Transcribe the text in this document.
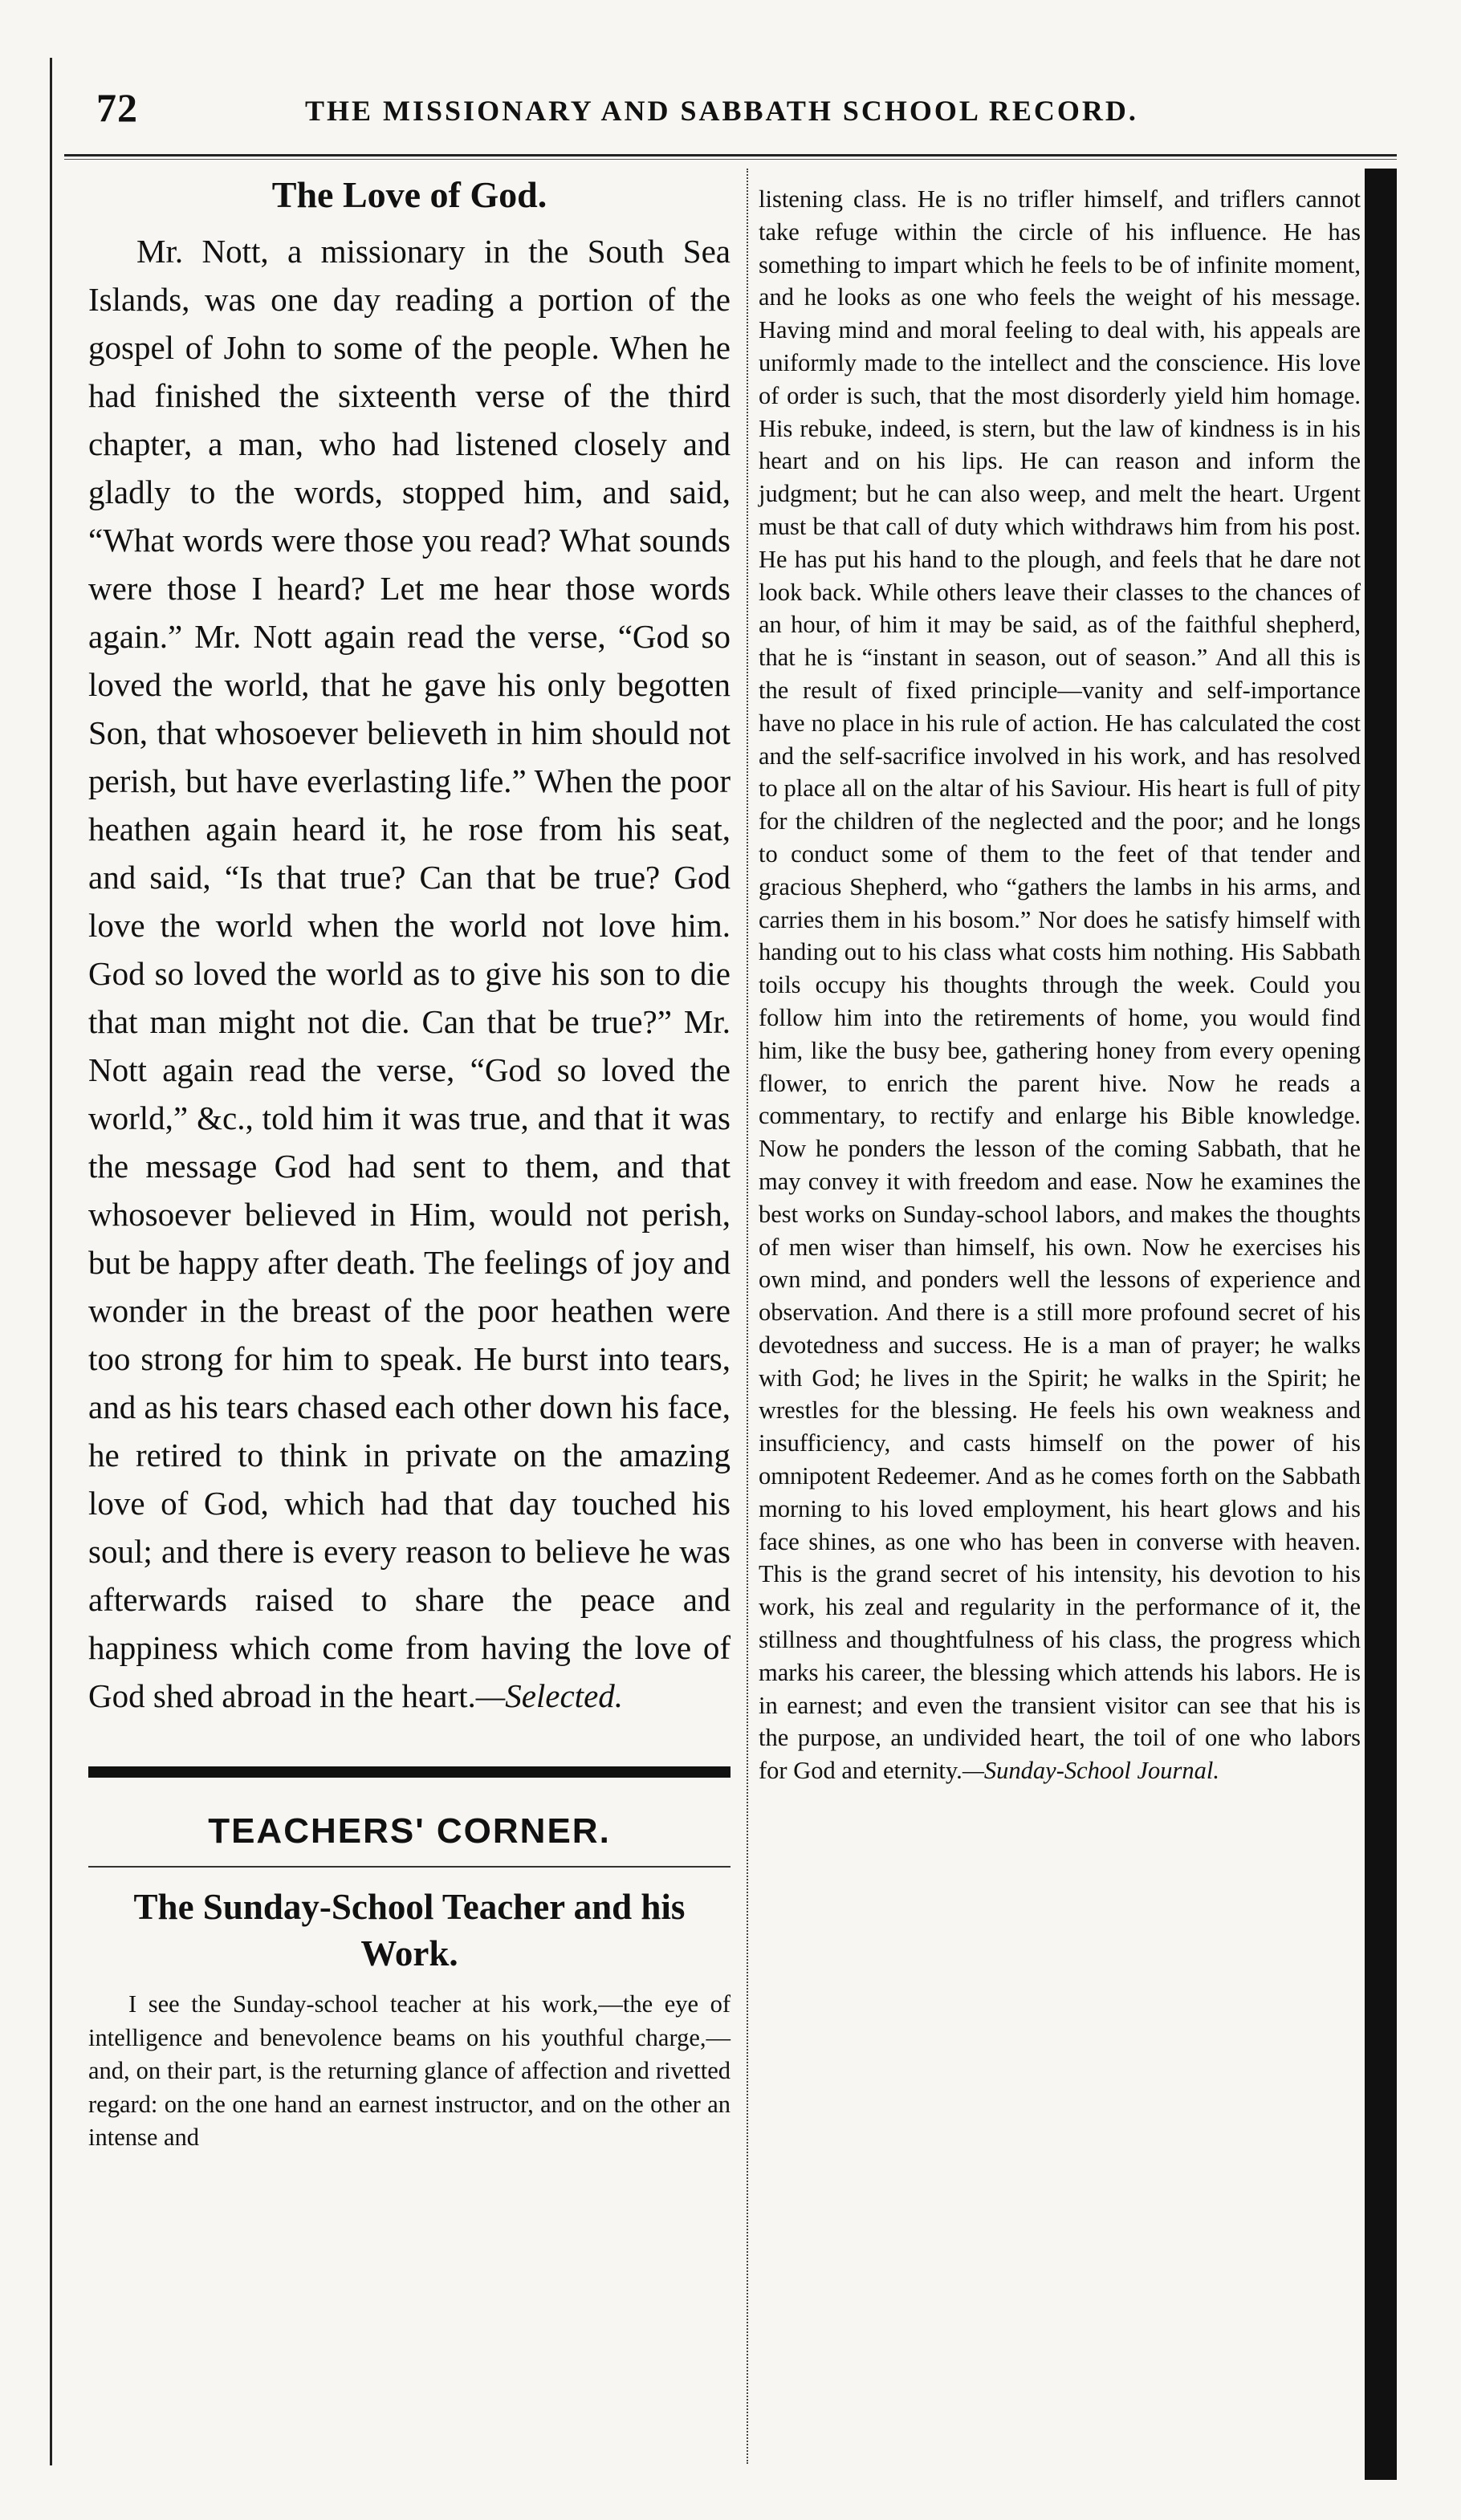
72	THE MISSIONARY AND SABBATH SCHOOL RECORD.
The Love of God.

Mr. Nott, a missionary in the South Sea Islands, was one day reading a portion of the gospel of John to some of the people. When he had finished the sixteenth verse of the third chapter, a man, who had listened closely and gladly to the words, stopped him, and said, “What words were those you read? What sounds were those I heard? Let me hear those words again.” Mr. Nott again read the verse, “God so loved the world, that he gave his only begotten Son, that whosoever believeth in him should not perish, but have everlasting life.” When the poor heathen again heard it, he rose from his seat, and said, “Is that true? Can that be true? God love the world when the world not love him. God so loved the world as to give his son to die that man might not die. Can that be true?” Mr. Nott again read the verse, “God so loved the world,” &c., told him it was true, and that it was the message God had sent to them, and that whosoever believed in Him, would not perish, but be happy after death. The feelings of joy and wonder in the breast of the poor heathen were too strong for him to speak. He burst into tears, and as his tears chased each other down his face, he retired to think in private on the amazing love of God, which had that day touched his soul; and there is every reason to believe he was afterwards raised to share the peace and happiness which come from having the love of God shed abroad in the heart.—Selected.

TEACHERS' CORNER.
The Sunday-School Teacher and his Work.

I see the Sunday-school teacher at his work,—the eye of intelligence and benevolence beams on his youthful charge,—and, on their part, is the returning glance of affection and rivetted regard: on the one hand an earnest instructor, and on the other an intense and

listening class. He is no trifler himself, and triflers cannot take refuge within the circle of his influence. He has something to impart which he feels to be of infinite moment, and he looks as one who feels the weight of his message. Having mind and moral feeling to deal with, his appeals are uniformly made to the intellect and the conscience. His love of order is such, that the most disorderly yield him homage. His rebuke, indeed, is stern, but the law of kindness is in his heart and on his lips. He can reason and inform the judgment; but he can also weep, and melt the heart. Urgent must be that call of duty which withdraws him from his post. He has put his hand to the plough, and feels that he dare not look back. While others leave their classes to the chances of an hour, of him it may be said, as of the faithful shepherd, that he is “instant in season, out of season.” And all this is the result of fixed principle—vanity and self-importance have no place in his rule of action. He has calculated the cost and the self-sacrifice involved in his work, and has resolved to place all on the altar of his Saviour. His heart is full of pity for the children of the neglected and the poor; and he longs to conduct some of them to the feet of that tender and gracious Shepherd, who “gathers the lambs in his arms, and carries them in his bosom.” Nor does he satisfy himself with handing out to his class what costs him nothing. His Sabbath toils occupy his thoughts through the week. Could you follow him into the retirements of home, you would find him, like the busy bee, gathering honey from every opening flower, to enrich the parent hive. Now he reads a commentary, to rectify and enlarge his Bible knowledge. Now he ponders the lesson of the coming Sabbath, that he may convey it with freedom and ease. Now he examines the best works on Sunday-school labors, and makes the thoughts of men wiser than himself, his own. Now he exercises his own mind, and ponders well the lessons of experience and observation. And there is a still more profound secret of his devotedness and success. He is a man of prayer; he walks with God; he lives in the Spirit; he walks in the Spirit; he wrestles for the blessing. He feels his own weakness and insufficiency, and casts himself on the power of his omnipotent Redeemer. And as he comes forth on the Sabbath morning to his loved employment, his heart glows and his face shines, as one who has been in converse with heaven. This is the grand secret of his intensity, his devotion to his work, his zeal and regularity in the performance of it, the stillness and thoughtfulness of his class, the progress which marks his career, the blessing which attends his labors. He is in earnest; and even the transient visitor can see that his is the purpose, an undivided heart, the toil of one who labors for God and eternity.—Sunday-School Journal.
